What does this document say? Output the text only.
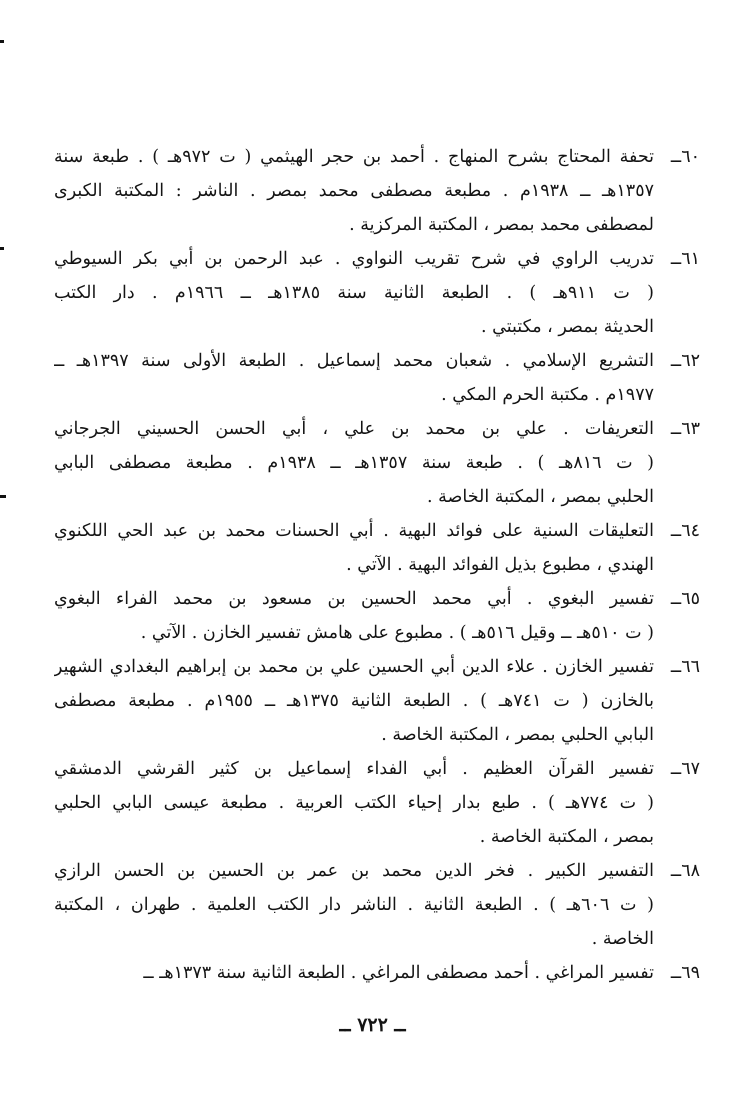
٦٠ــ
تحفة المحتاج بشرح المنهاج . أحمد بن حجر الهيثمي ( ت ٩٧٢هـ ) . طبعة سنة
١٣٥٧هـ ــ ١٩٣٨م . مطبعة مصطفى محمد بمصر . الناشر : المكتبة الكبرى
لمصطفى محمد بمصر ، المكتبة المركزية .
٦١ــ
تدريب الراوي في شرح تقريب النواوي . عبد الرحمن بن أبي بكر السيوطي
( ت ٩١١هـ ) . الطبعة الثانية سنة ١٣٨٥هـ ــ ١٩٦٦م . دار الكتب
الحديثة بمصر ، مكتبتي .
٦٢ــ
التشريع الإسلامي . شعبان محمد إسماعيل . الطبعة الأولى سنة ١٣٩٧هـ ــ
١٩٧٧م . مكتبة الحرم المكي .
٦٣ــ
التعريفات . علي بن محمد بن علي ، أبي الحسن الحسيني الجرجاني
( ت ٨١٦هـ ) . طبعة سنة ١٣٥٧هـ ــ ١٩٣٨م . مطبعة مصطفى البابي
الحلبي بمصر ، المكتبة الخاصة .
٦٤ــ
التعليقات السنية على فوائد البهية . أبي الحسنات محمد بن عبد الحي اللكنوي
الهندي ، مطبوع بذيل الفوائد البهية . الآتي .
٦٥ــ
تفسير البغوي . أبي محمد الحسين بن مسعود بن محمد الفراء البغوي
( ت ٥١٠هـ ــ وقيل ٥١٦هـ ) . مطبوع على هامش تفسير الخازن . الآتي .
٦٦ــ
تفسير الخازن . علاء الدين أبي الحسين علي بن محمد بن إبراهيم البغدادي الشهير
بالخازن ( ت ٧٤١هـ ) . الطبعة الثانية ١٣٧٥هـ ــ ١٩٥٥م . مطبعة مصطفى
البابي الحلبي بمصر ، المكتبة الخاصة .
٦٧ــ
تفسير القرآن العظيم . أبي الفداء إسماعيل بن كثير القرشي الدمشقي
( ت ٧٧٤هـ ) . طبع بدار إحياء الكتب العربية . مطبعة عيسى البابي الحلبي
بمصر ، المكتبة الخاصة .
٦٨ــ
التفسير الكبير . فخر الدين محمد بن عمر بن الحسين بن الحسن الرازي
( ت ٦٠٦هـ ) . الطبعة الثانية . الناشر دار الكتب العلمية . طهران ، المكتبة
الخاصة .
٦٩ــ
تفسير المراغي . أحمد مصطفى المراغي . الطبعة الثانية سنة ١٣٧٣هـ ــ
ــ ٧٢٢ ــ
